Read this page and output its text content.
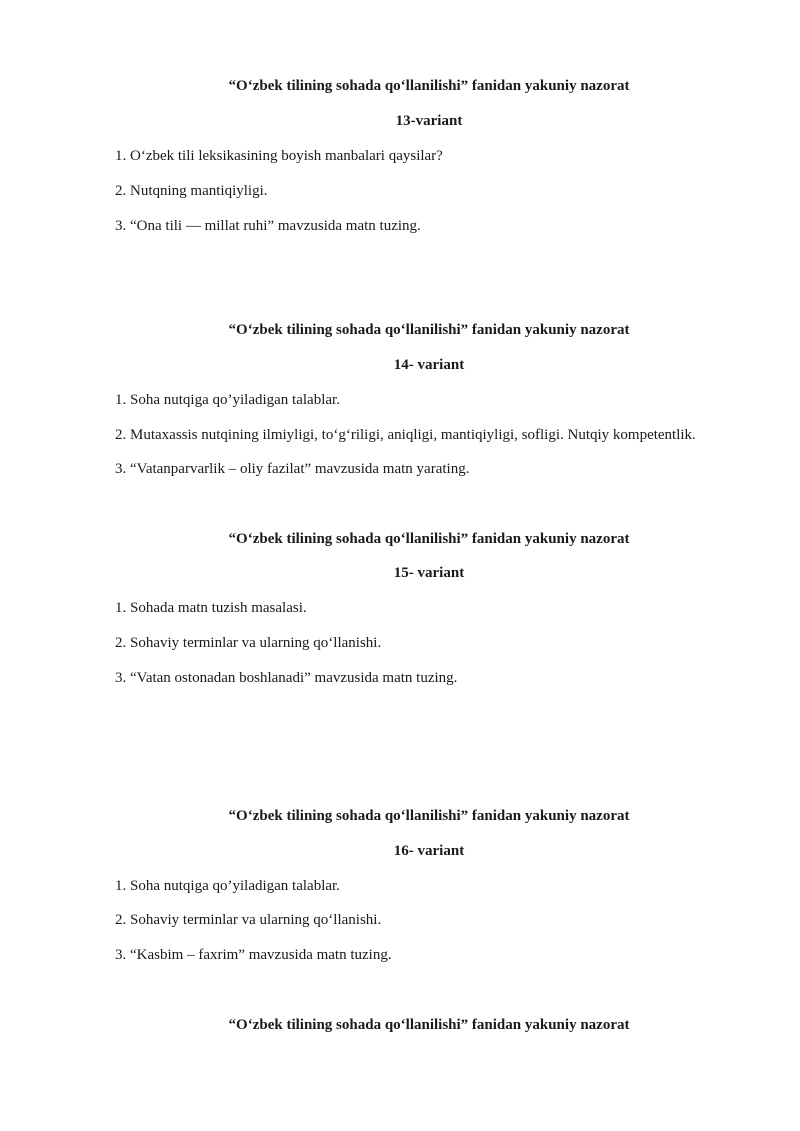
“O‘zbek tilining sohada qo‘llanilishi” fanidan yakuniy nazorat
13-variant
1. O‘zbek tili leksikasining boyish manbalari qaysilar?
2. Nutqning mantiqiyligi.
3. “Ona tili — millat ruhi” mavzusida matn tuzing.
“O‘zbek tilining sohada qo‘llanilishi” fanidan yakuniy nazorat
14- variant
1. Soha nutqiga qo’yiladigan talablar.
2. Mutaxassis nutqining ilmiyligi, to‘g‘riligi, aniqligi, mantiqiyligi, sofligi. Nutqiy kompetentlik.
3. “Vatanparvarlik – oliy fazilat” mavzusida matn yarating.
“O‘zbek tilining sohada qo‘llanilishi” fanidan yakuniy nazorat
15- variant
1. Sohada matn tuzish masalasi.
2. Sohaviy terminlar va ularning qo‘llanishi.
3. “Vatan ostonadan boshlanadi” mavzusida matn tuzing.
“O‘zbek tilining sohada qo‘llanilishi” fanidan yakuniy nazorat
16- variant
1. Soha nutqiga qo’yiladigan talablar.
2. Sohaviy terminlar va ularning qo‘llanishi.
3. “Kasbim – faxrim” mavzusida matn tuzing.
“O‘zbek tilining sohada qo‘llanilishi” fanidan yakuniy nazorat
